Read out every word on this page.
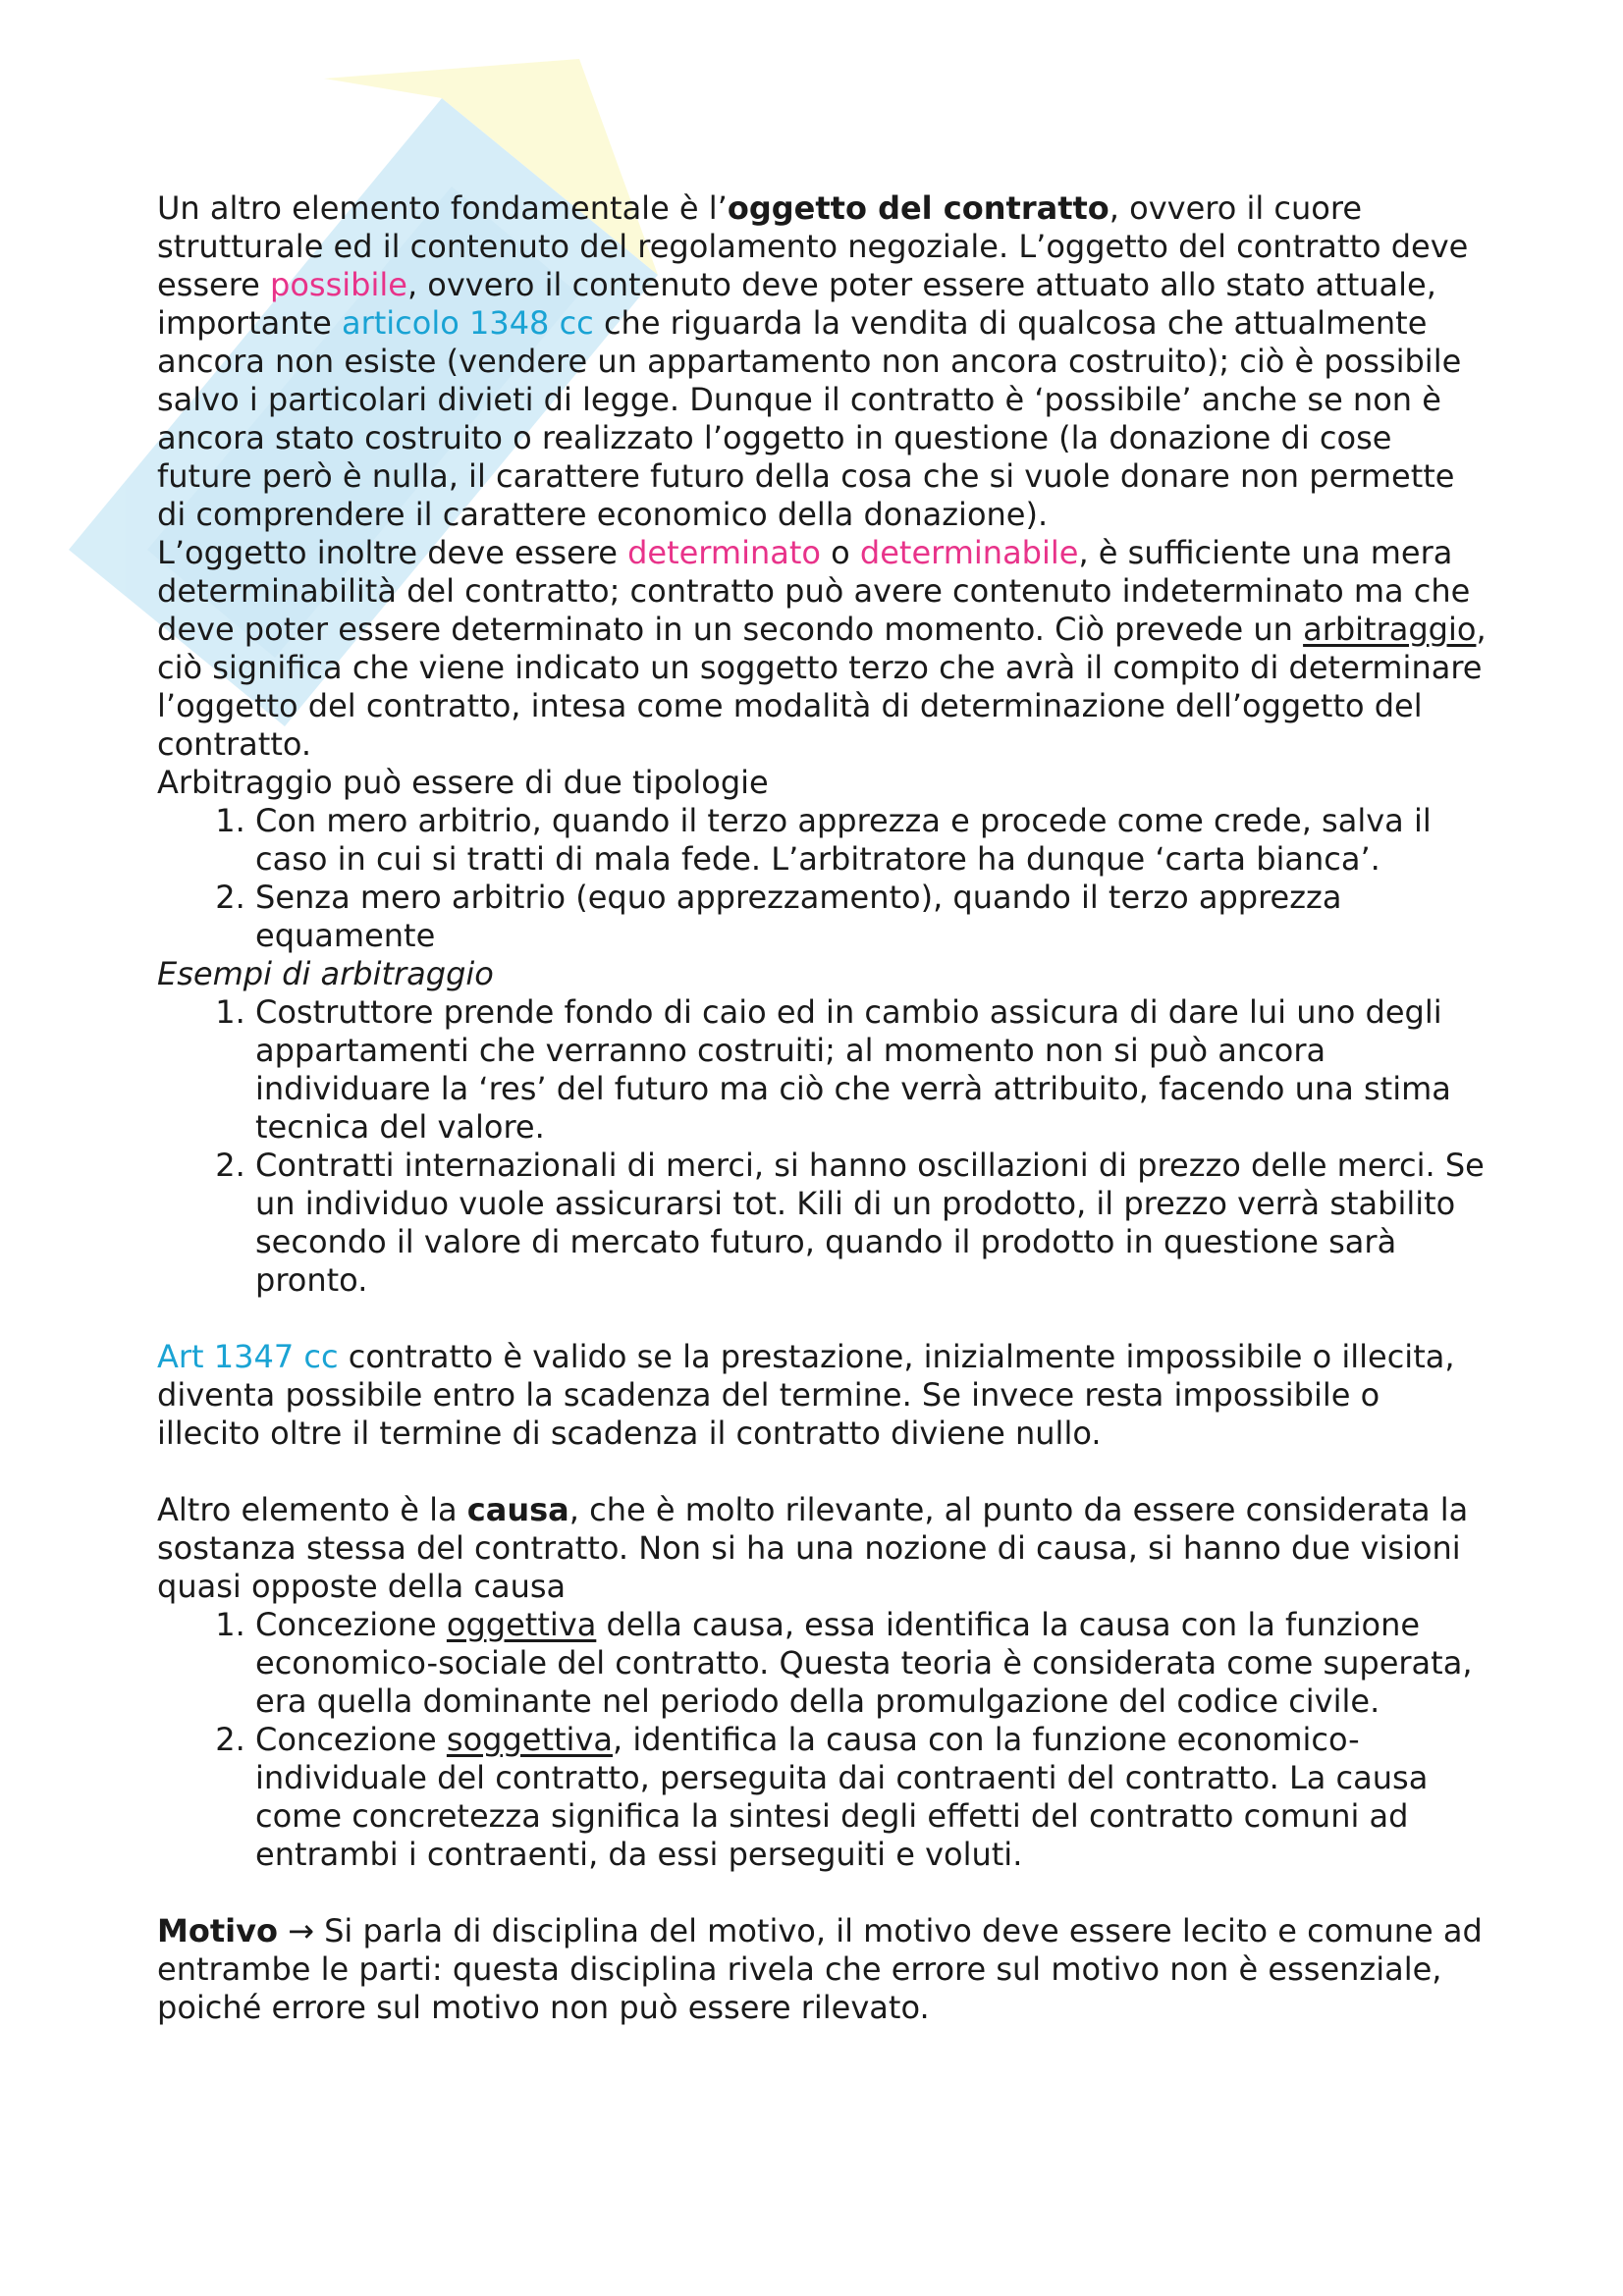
Un altro elemento fondamentale è l’oggetto del contratto, ovvero il cuore strutturale ed il contenuto del regolamento negoziale. L’oggetto del contratto deve essere possibile, ovvero il contenuto deve poter essere attuato allo stato attuale, importante articolo 1348 cc che riguarda la vendita di qualcosa che attualmente ancora non esiste (vendere un appartamento non ancora costruito); ciò è possibile salvo i particolari divieti di legge. Dunque il contratto è ‘possibile’ anche se non è ancora stato costruito o realizzato l’oggetto in questione (la donazione di cose future però è nulla, il carattere futuro della cosa che si vuole donare non permette di comprendere il carattere economico della donazione).

L’oggetto inoltre deve essere determinato o determinabile, è sufficiente una mera determinabilità del contratto; contratto può avere contenuto indeterminato ma che deve poter essere determinato in un secondo momento. Ciò prevede un arbitraggio, ciò significa che viene indicato un soggetto terzo che avrà il compito di determinare l’oggetto del contratto, intesa come modalità di determinazione dell’oggetto del contratto.

Arbitraggio può essere di due tipologie

1. Con mero arbitrio, quando il terzo apprezza e procede come crede, salva il caso in cui si tratti di mala fede. L’arbitratore ha dunque ‘carta bianca’.
2. Senza mero arbitrio (equo apprezzamento), quando il terzo apprezza equamente

Esempi di arbitraggio

1. Costruttore prende fondo di caio ed in cambio assicura di dare lui uno degli appartamenti che verranno costruiti; al momento non si può ancora individuare la ‘res’ del futuro ma ciò che verrà attribuito, facendo una stima tecnica del valore.
2. Contratti internazionali di merci, si hanno oscillazioni di prezzo delle merci. Se un individuo vuole assicurarsi tot. Kili di un prodotto, il prezzo verrà stabilito secondo il valore di mercato futuro, quando il prodotto in questione sarà pronto.

Art 1347 cc contratto è valido se la prestazione, inizialmente impossibile o illecita, diventa possibile entro la scadenza del termine. Se invece resta impossibile o illecito oltre il termine di scadenza il contratto diviene nullo.

Altro elemento è la causa, che è molto rilevante, al punto da essere considerata la sostanza stessa del contratto. Non si ha una nozione di causa, si hanno due visioni quasi opposte della causa

1. Concezione oggettiva della causa, essa identifica la causa con la funzione economico-sociale del contratto. Questa teoria è considerata come superata, era quella dominante nel periodo della promulgazione del codice civile.
2. Concezione soggettiva, identifica la causa con la funzione economico-individuale del contratto, perseguita dai contraenti del contratto. La causa come concretezza significa la sintesi degli effetti del contratto comuni ad entrambi i contraenti, da essi perseguiti e voluti.

Motivo → Si parla di disciplina del motivo, il motivo deve essere lecito e comune ad entrambe le parti: questa disciplina rivela che errore sul motivo non è essenziale, poiché errore sul motivo non può essere rilevato.
